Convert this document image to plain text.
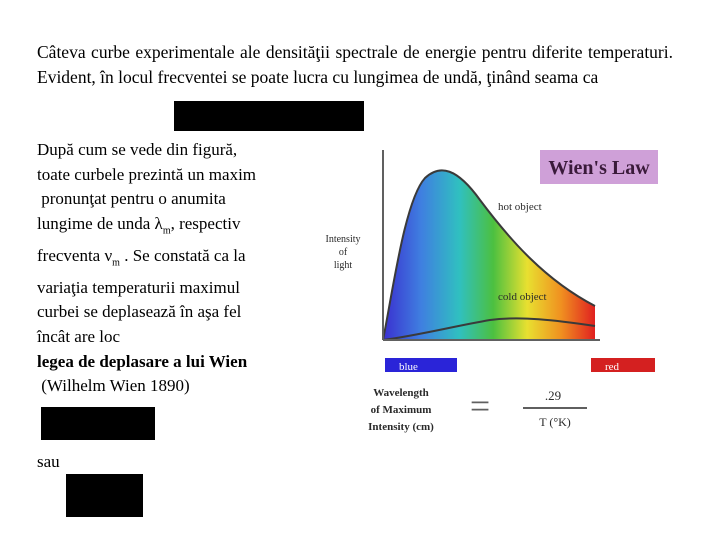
Câteva curbe experimentale ale densităţii spectrale de energie pentru diferite temperaturi. Evident, în locul frecventei se poate lucra cu lungimea de undă, ţinând seama ca
După cum se vede din figură,
toate curbele prezintă un maxim
pronunţat pentru o anumita
lungime de unda $\lambda_m$, respectiv
frecventa $\nu_m$ . Se constată ca la
variaţia temperaturii maximul
curbei se deplasează în aşa fel
încât are loc
legea de deplasare a lui Wien
(Wilhelm Wien 1890)
sau
Wien's Law
hot object
cold object
Intensity
of
light
blue	red
Wavelength
of Maximum
Intensity (cm)
=	.29
T (°K)
